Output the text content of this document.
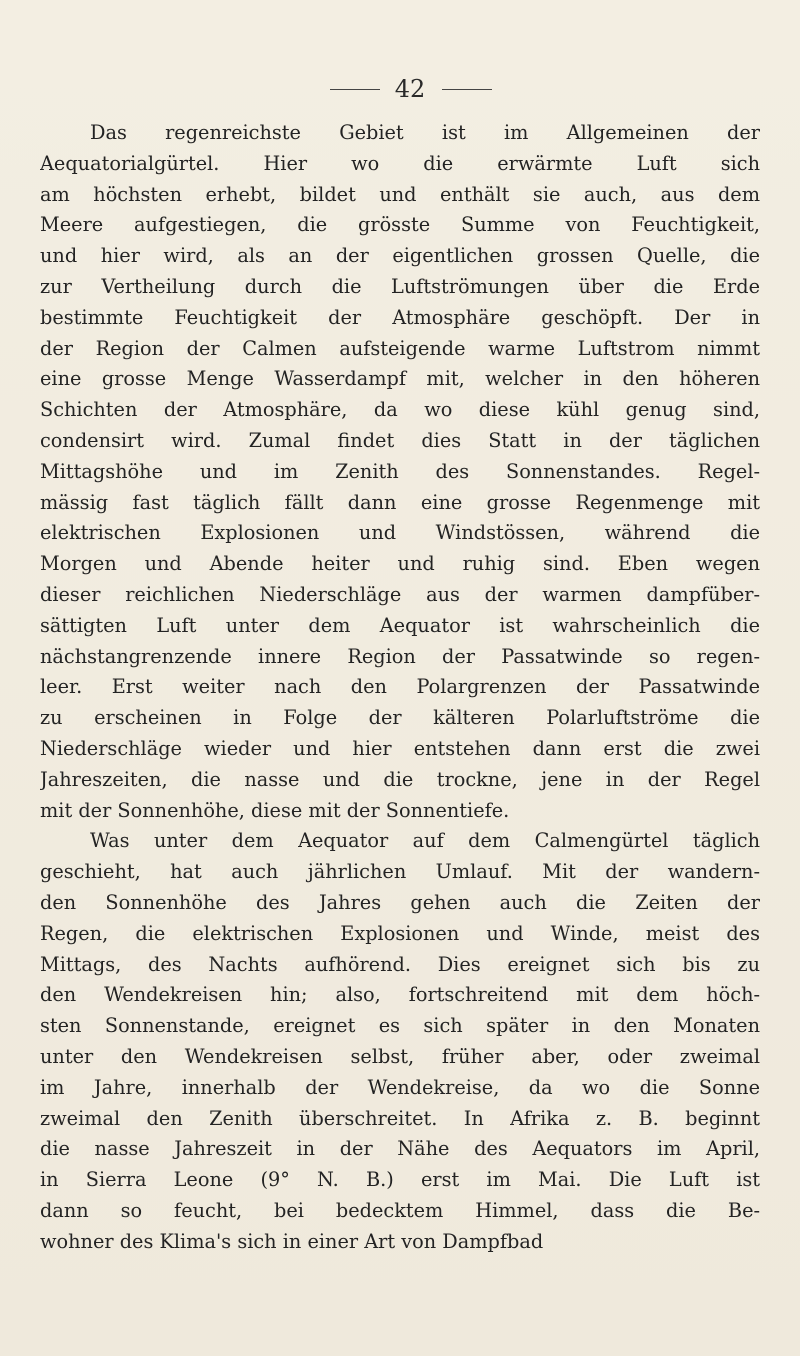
42
Das regenreichste Gebiet ist im Allgemeinen der
Aequatorialgürtel. Hier wo die erwärmte Luft sich
am höchsten erhebt, bildet und enthält sie auch, aus dem
Meere aufgestiegen, die grösste Summe von Feuchtigkeit,
und hier wird, als an der eigentlichen grossen Quelle, die
zur Vertheilung durch die Luftströmungen über die Erde
bestimmte Feuchtigkeit der Atmosphäre geschöpft. Der in
der Region der Calmen aufsteigende warme Luftstrom nimmt
eine grosse Menge Wasserdampf mit, welcher in den höheren
Schichten der Atmosphäre, da wo diese kühl genug sind,
condensirt wird. Zumal findet dies Statt in der täglichen
Mittagshöhe und im Zenith des Sonnenstandes. Regel-
mässig fast täglich fällt dann eine grosse Regenmenge mit
elektrischen Explosionen und Windstössen, während die
Morgen und Abende heiter und ruhig sind. Eben wegen
dieser reichlichen Niederschläge aus der warmen dampfüber-
sättigten Luft unter dem Aequator ist wahrscheinlich die
nächstangrenzende innere Region der Passatwinde so regen-
leer. Erst weiter nach den Polargrenzen der Passatwinde
zu erscheinen in Folge der kälteren Polarluftströme die
Niederschläge wieder und hier entstehen dann erst die zwei
Jahreszeiten, die nasse und die trockne, jene in der Regel
mit der Sonnenhöhe, diese mit der Sonnentiefe.
Was unter dem Aequator auf dem Calmengürtel täglich
geschieht, hat auch jährlichen Umlauf. Mit der wandern-
den Sonnenhöhe des Jahres gehen auch die Zeiten der
Regen, die elektrischen Explosionen und Winde, meist des
Mittags, des Nachts aufhörend. Dies ereignet sich bis zu
den Wendekreisen hin; also, fortschreitend mit dem höch-
sten Sonnenstande, ereignet es sich später in den Monaten
unter den Wendekreisen selbst, früher aber, oder zweimal
im Jahre, innerhalb der Wendekreise, da wo die Sonne
zweimal den Zenith überschreitet. In Afrika z. B. beginnt
die nasse Jahreszeit in der Nähe des Aequators im April,
in Sierra Leone (9° N. B.) erst im Mai. Die Luft ist
dann so feucht, bei bedecktem Himmel, dass die Be-
wohner des Klima's sich in einer Art von Dampfbad
